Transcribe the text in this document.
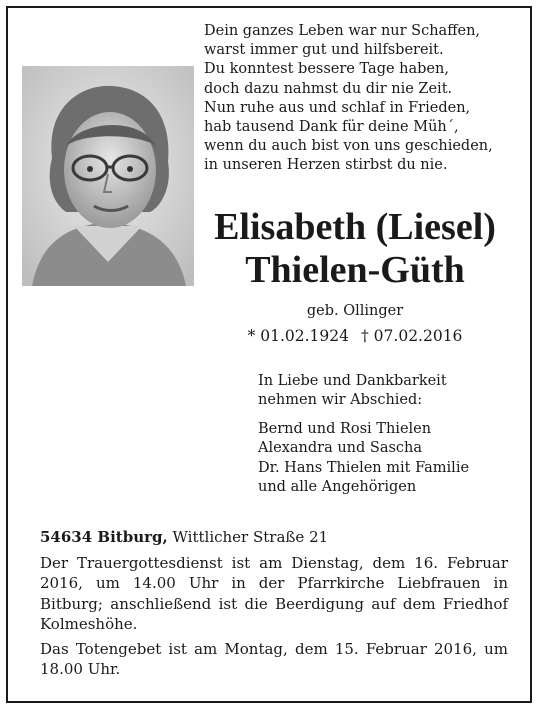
Dein ganzes Leben war nur Schaffen,
warst immer gut und hilfsbereit.
Du konntest bessere Tage haben,
doch dazu nahmst du dir nie Zeit.
Nun ruhe aus und schlaf in Frieden,
hab tausend Dank für deine Müh´,
wenn du auch bist von uns geschieden,
in unseren Herzen stirbst du nie.
Elisabeth (Liesel)
Thielen-Güth
geb. Ollinger
* 01.02.1924 † 07.02.2016
In Liebe und Dankbarkeit
nehmen wir Abschied:
Bernd und Rosi Thielen
Alexandra und Sascha
Dr. Hans Thielen mit Familie
und alle Angehörigen
54634 Bitburg, Wittlicher Straße 21

Der Trauergottesdienst ist am Dienstag, dem 16. Februar 2016, um 14.00 Uhr in der Pfarrkirche Liebfrauen in Bitburg; anschließend ist die Beerdigung auf dem Friedhof Kolmeshöhe.

Das Totengebet ist am Montag, dem 15. Februar 2016, um 18.00 Uhr.
